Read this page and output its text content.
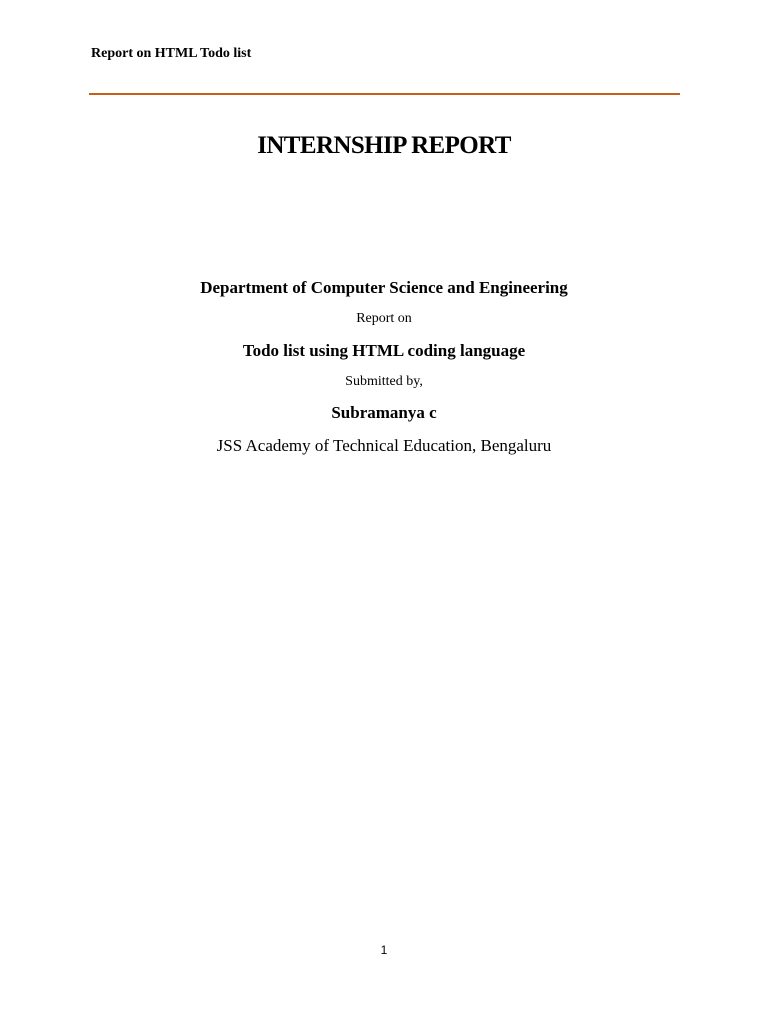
Report on HTML Todo list
INTERNSHIP REPORT
Department of Computer Science and Engineering
Report on
Todo list using HTML coding language
Submitted by,
Subramanya c
JSS Academy of Technical Education, Bengaluru
1
